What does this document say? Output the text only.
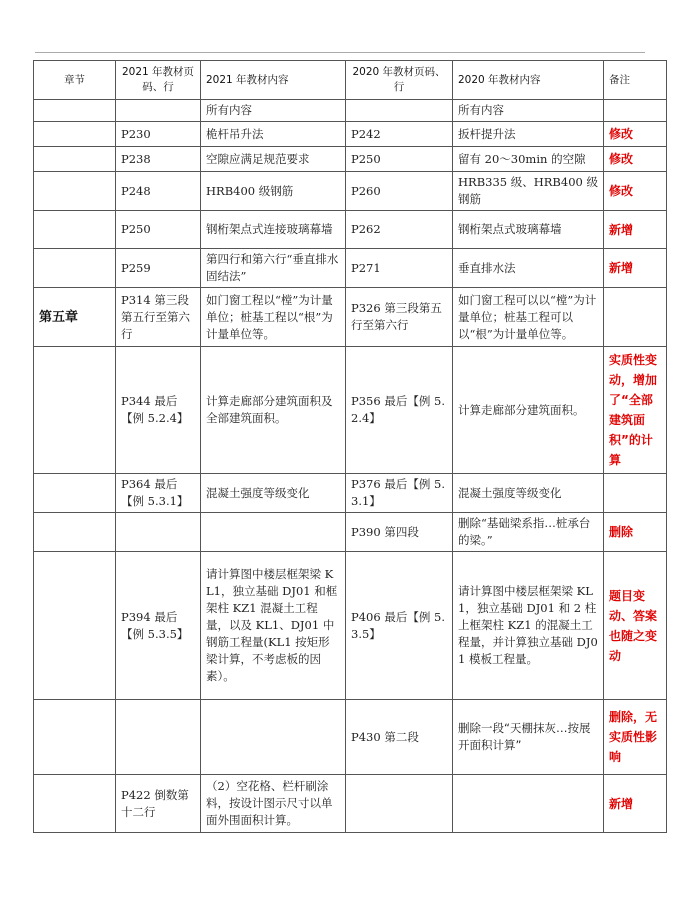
章节	2021 年教材页码、行	2021 年教材内容	2020 年教材页码、行	2020 年教材内容	备注
		所有内容		所有内容	
	P230	桅杆吊升法	P242	扳杆提升法	修改
	P238	空隙应满足规范要求	P250	留有 20～30min 的空隙	修改
	P248	HRB400 级钢筋	P260	HRB335 级、HRB400 级钢筋	修改
	P250	钢桁架点式连接玻璃幕墙	P262	钢桁架点式玻璃幕墙	新增
	P259	第四行和第六行“垂直排水固结法”	P271	垂直排水法	新增
第五章	P314 第三段第五行至第六行	如门窗工程以“樘”为计量单位；桩基工程以“根”为计量单位等。	P326 第三段第五行至第六行	如门窗工程可以以“樘”为计量单位；桩基工程可以以“根”为计量单位等。	
	P344 最后【例 5.2.4】	计算走廊部分建筑面积及全部建筑面积。	P356 最后【例 5.2.4】	计算走廊部分建筑面积。	实质性变动，增加了“全部建筑面积”的计算
	P364 最后【例 5.3.1】	混凝土强度等级变化	P376 最后【例 5.3.1】	混凝土强度等级变化	
			P390 第四段	删除“基础梁系指…桩承台的梁。”	删除
	P394 最后【例 5.3.5】	请计算图中楼层框架梁 KL1，独立基础 DJ01 和框架柱 KZ1 混凝土工程量，以及 KL1、DJ01 中钢筋工程量(KL1 按矩形梁计算，不考虑板的因素）。	P406 最后【例 5.3.5】	请计算图中楼层框架梁 KL1，独立基础 DJ01 和 2 柱上框架柱 KZ1 的混凝土工程量，并计算独立基础 DJ01 模板工程量。	题目变动、答案也随之变动
			P430 第二段	删除一段“天棚抹灰…按展开面积计算”	删除，无实质性影响
	P422 倒数第十二行	（2）空花格、栏杆刷涂料，按设计图示尺寸以单面外围面积计算。			新增
